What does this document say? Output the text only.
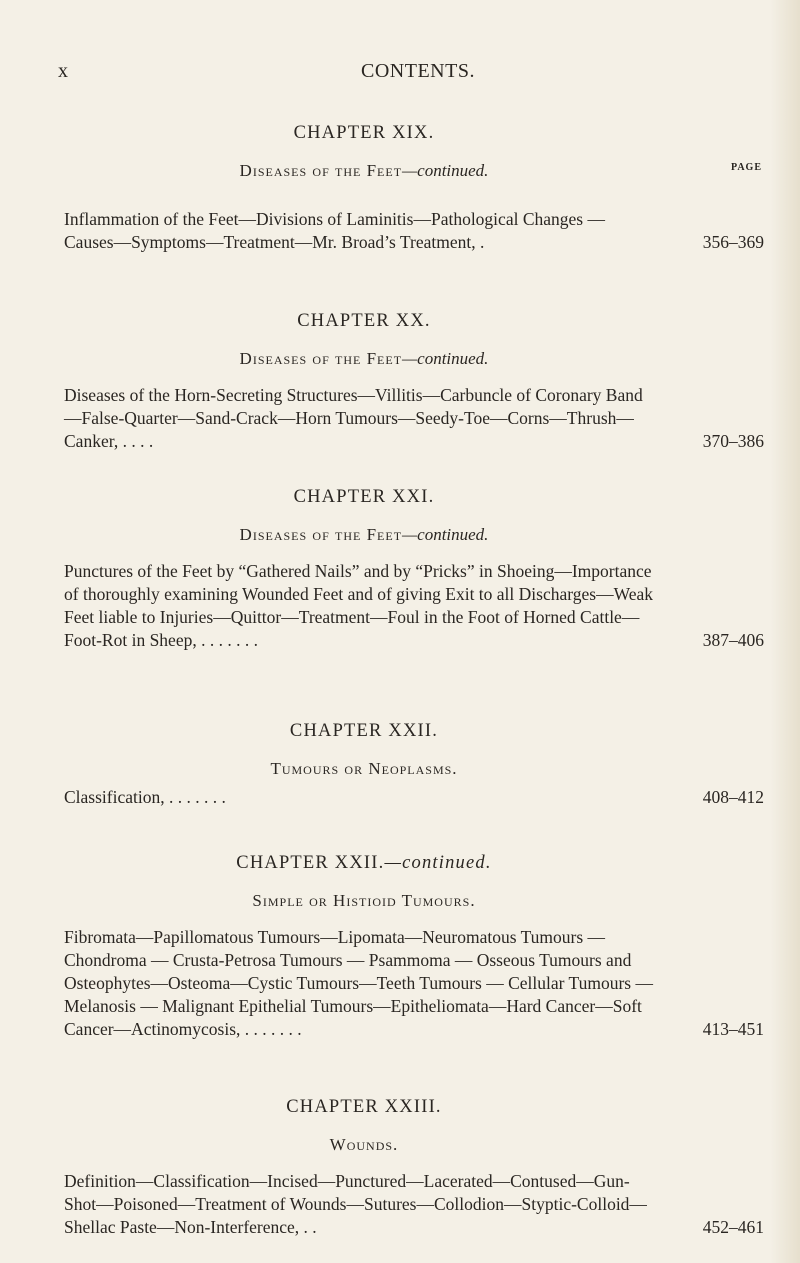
x	CONTENTS.
PAGE
CHAPTER XIX.
Diseases of the Feet—continued.
Inflammation of the Feet—Divisions of Laminitis—Pathological Changes —Causes—Symptoms—Treatment—Mr. Broad’s Treatment, .	356–369
CHAPTER XX.
Diseases of the Feet—continued.
Diseases of the Horn-Secreting Structures—Villitis—Carbuncle of Coronary Band—False-Quarter—Sand-Crack—Horn Tumours—Seedy-Toe—Corns—Thrush—Canker, . . . .	370–386
CHAPTER XXI.
Diseases of the Feet—continued.
Punctures of the Feet by “Gathered Nails” and by “Pricks” in Shoeing—Importance of thoroughly examining Wounded Feet and of giving Exit to all Discharges—Weak Feet liable to Injuries—Quittor—Treatment—Foul in the Foot of Horned Cattle—Foot-Rot in Sheep, . . . . . . .	387–406
CHAPTER XXII.
Tumours or Neoplasms.
Classification, . . . . . . .	408–412
CHAPTER XXII.—continued.
Simple or Histioid Tumours.
Fibromata—Papillomatous Tumours—Lipomata—Neuromatous Tumours —Chondroma — Crusta-Petrosa Tumours — Psammoma — Osseous Tumours and Osteophytes—Osteoma—Cystic Tumours—Teeth Tumours — Cellular Tumours — Melanosis — Malignant Epithelial Tumours—Epitheliomata—Hard Cancer—Soft Cancer—Actinomycosis, . . . . . . .	413–451
CHAPTER XXIII.
Wounds.
Definition—Classification—Incised—Punctured—Lacerated—Contused—Gun-Shot—Poisoned—Treatment of Wounds—Sutures—Collodion—Styptic-Colloid—Shellac Paste—Non-Interference, . .	452–461
